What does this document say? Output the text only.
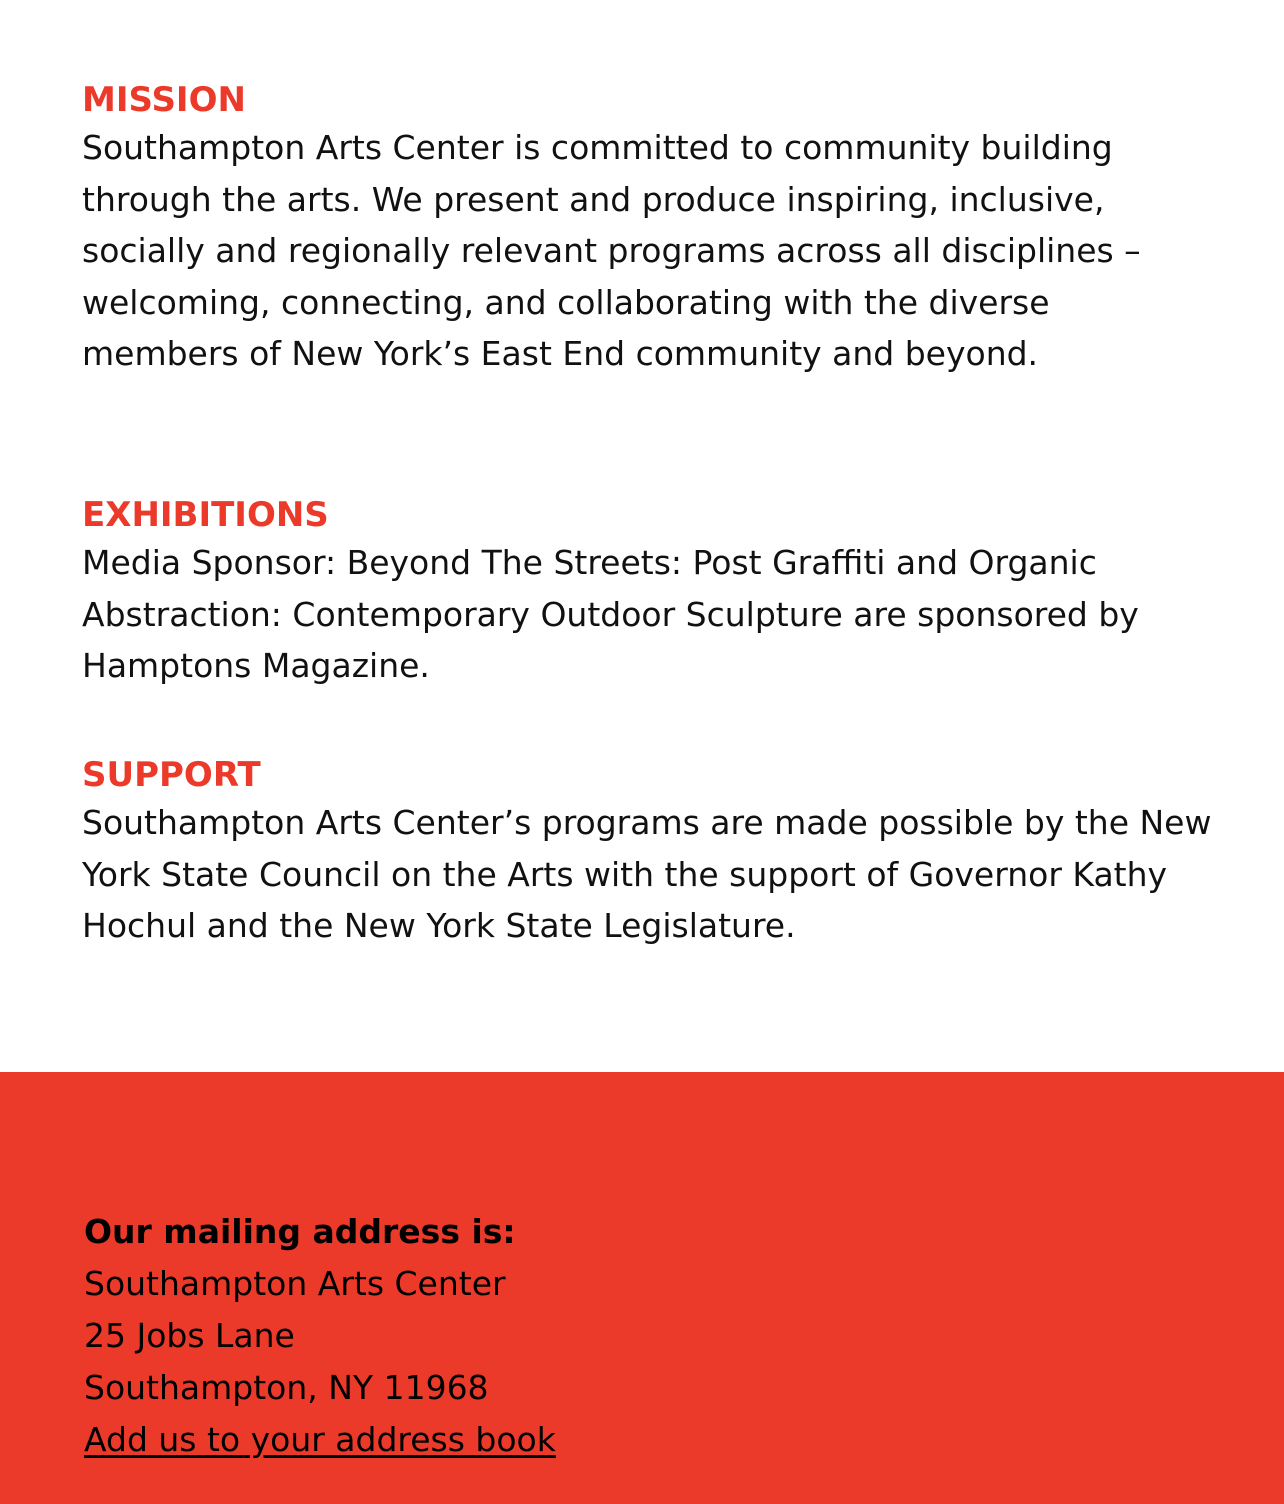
MISSION

Southampton Arts Center is committed to community building through the arts. We present and produce inspiring, inclusive, socially and regionally relevant programs across all disciplines – welcoming, connecting, and collaborating with the diverse members of New York’s East End community and beyond.

EXHIBITIONS

Media Sponsor: Beyond The Streets: Post Graffiti and Organic Abstraction: Contemporary Outdoor Sculpture are sponsored by Hamptons Magazine.

SUPPORT

Southampton Arts Center’s programs are made possible by the New York State Council on the Arts with the support of Governor Kathy Hochul and the New York State Legislature.

Our mailing address is:

Southampton Arts Center

25 Jobs Lane

Southampton, NY 11968

Add us to your address book
